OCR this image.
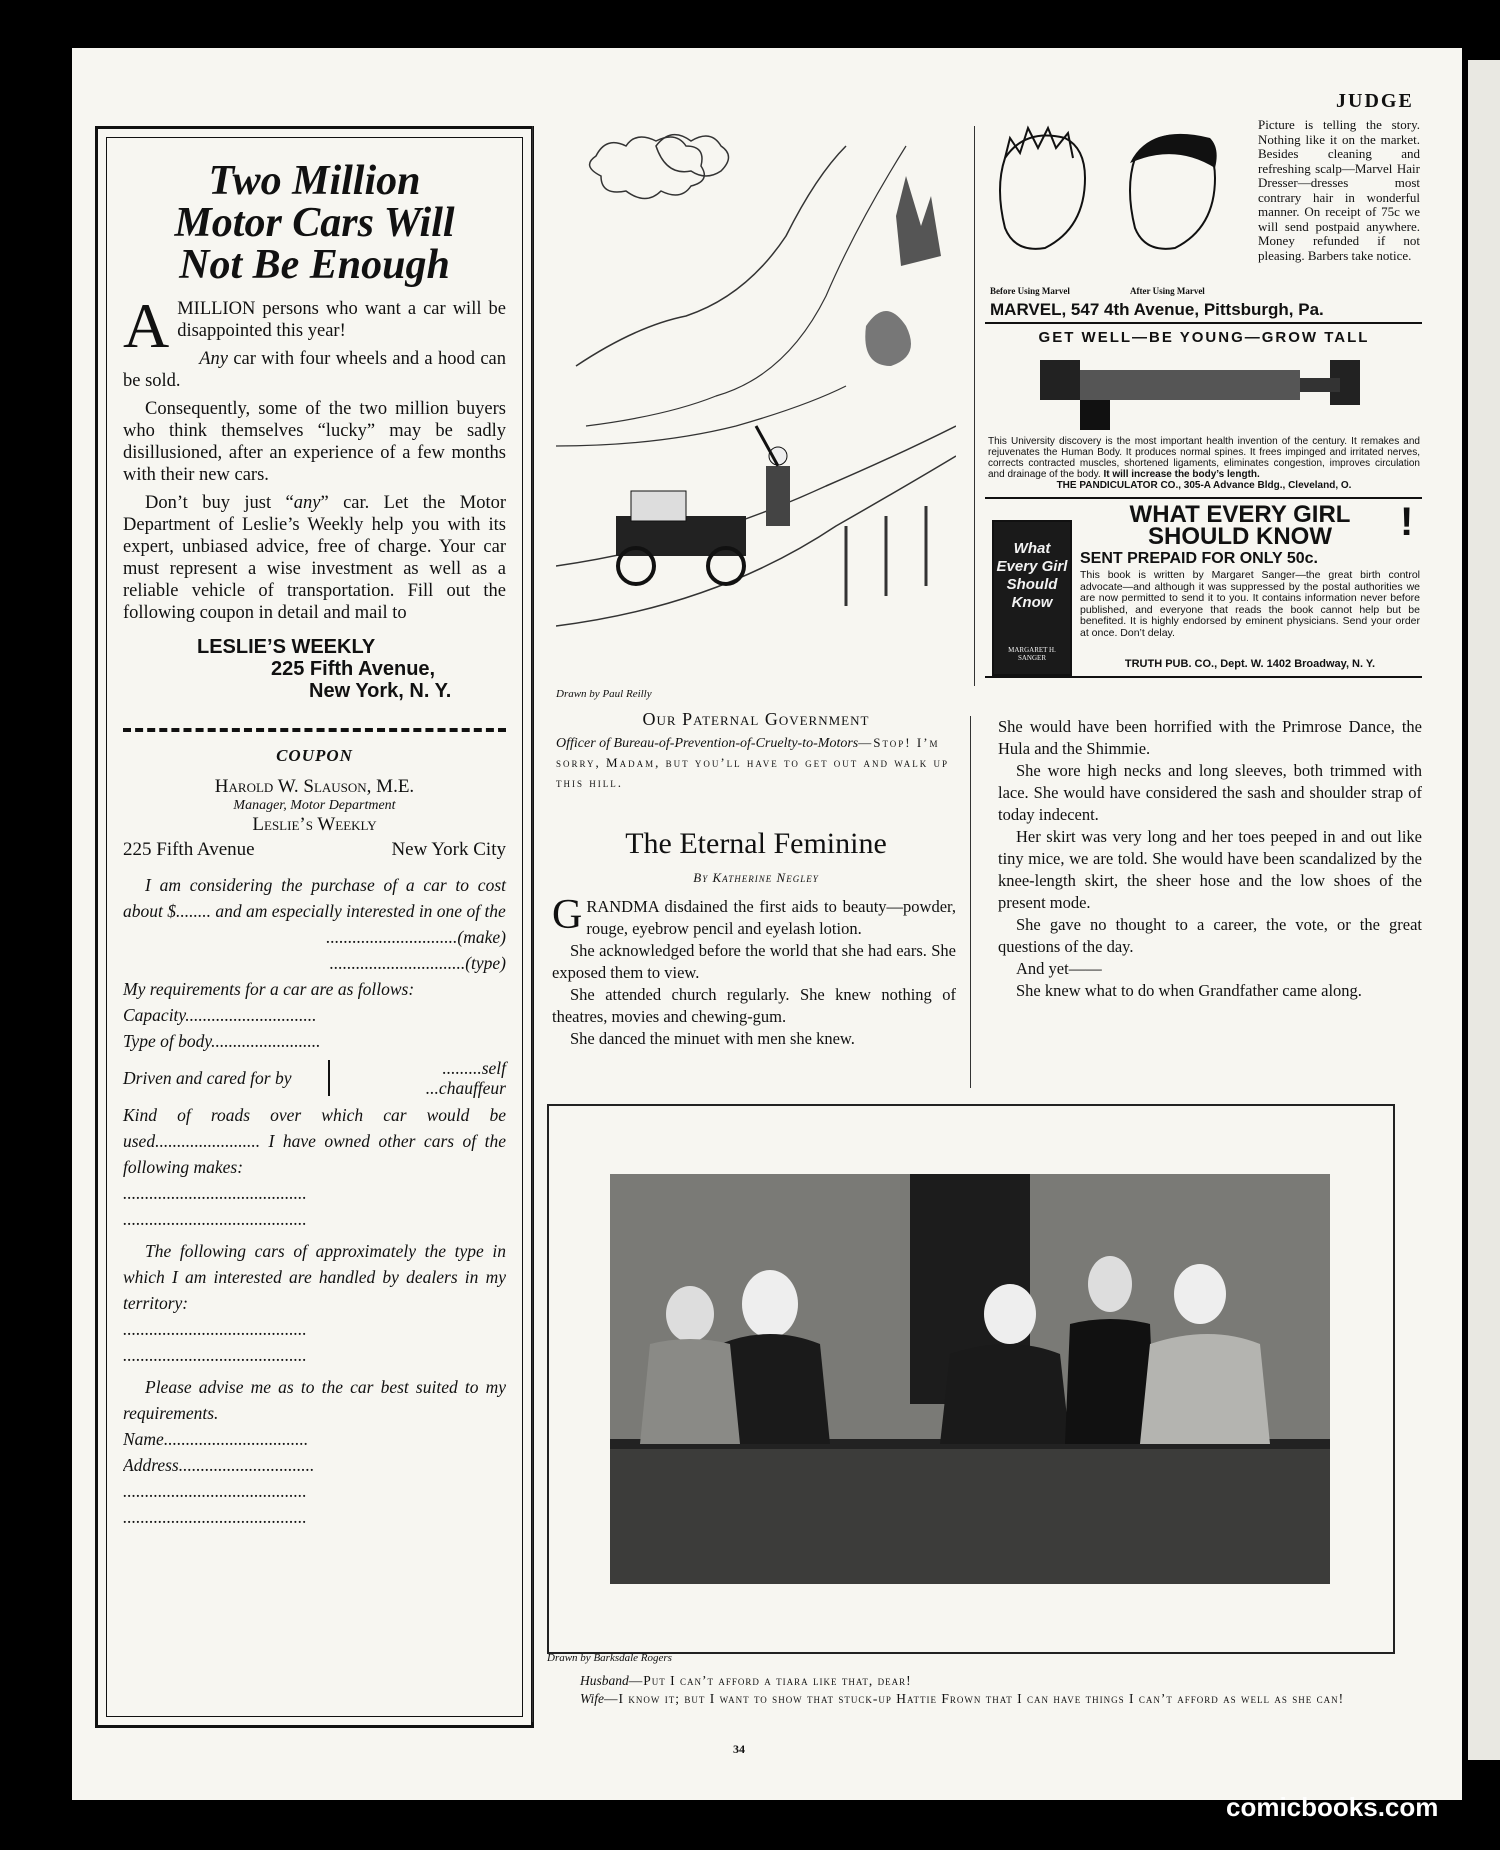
JUDGE
Two Million
Motor Cars Will
Not Be Enough

AMILLION persons who want a car will be disappointed this year!

Any car with four wheels and a hood can be sold.

Consequently, some of the two million buyers who think themselves “lucky” may be sadly disillusioned, after an experience of a few months with their new cars.

Don’t buy just “any” car. Let the Motor Department of Leslie’s Weekly help you with its expert, unbiased advice, free of charge. Your car must represent a wise investment as well as a reliable vehicle of transportation. Fill out the following coupon in detail and mail to

LESLIE’S WEEKLY
225 Fifth Avenue,
New York, N. Y.
COUPON
Harold W. Slauson, M.E.
Manager, Motor Department
Leslie’s Weekly
225 Fifth Avenue	New York City

I am considering the purchase of a car to cost about $........ and am especially interested in one of the

..............................(make)
...............................(type)

My requirements for a car are as follows:

Capacity..............................
Type of body.........................
Driven and cared for by	.........self
...chauffeur

Kind of roads over which car would be used........................ I have owned other cars of the following makes:

..........................................
..........................................

The following cars of approximately the type in which I am interested are handled by dealers in my territory:

..........................................
..........................................

Please advise me as to the car best suited to my requirements.

Name.................................
Address...............................
..........................................
..........................................
Drawn by Paul Reilly
Our Paternal Government
Officer of Bureau-of-Prevention-of-Cruelty-to-Motors—Stop! I’m sorry, Madam, but you’ll have to get out and walk up this hill.
The Eternal Feminine
By Katherine Negley

GRANDMA disdained the first aids to beauty—powder, rouge, eyebrow pencil and eyelash lotion.

She acknowledged before the world that she had ears. She exposed them to view.

She attended church regularly. She knew nothing of theatres, movies and chewing-gum.

She danced the minuet with men she knew.

She would have been horrified with the Primrose Dance, the Hula and the Shimmie.

She wore high necks and long sleeves, both trimmed with lace. She would have considered the sash and shoulder strap of today indecent.

Her skirt was very long and her toes peeped in and out like tiny mice, we are told. She would have been scandalized by the knee-length skirt, the sheer hose and the low shoes of the present mode.

She gave no thought to a career, the vote, or the great questions of the day.

And yet——

She knew what to do when Grandfather came along.

Before Using Marvel	After Using Marvel
Picture is telling the story. Nothing like it on the market. Besides cleaning and refreshing scalp—Marvel Hair Dresser—dresses most contrary hair in wonderful manner. On receipt of 75c we will send postpaid anywhere. Money refunded if not pleasing. Barbers take notice.
MARVEL, 547 4th Avenue, Pittsburgh, Pa.
GET WELL—BE YOUNG—GROW TALL
This University discovery is the most important health invention of the century. It remakes and rejuvenates the Human Body. It produces normal spines. It frees impinged and irritated nerves, corrects contracted muscles, shortened ligaments, eliminates congestion, improves circulation and drainage of the body. It will increase the body’s length.
THE PANDICULATOR CO., 305-A Advance Bldg., Cleveland, O.
What
Every Girl
Should
Know
MARGARET H. SANGER
WHAT EVERY GIRL
SHOULD KNOW	!
SENT PREPAID FOR ONLY 50c.
This book is written by Margaret Sanger—the great birth control advocate—and although it was suppressed by the postal authorities we are now permitted to send it to you. It contains information never before published, and everyone that reads the book cannot help but be benefited. It is highly endorsed by eminent physicians. Send your order at once. Don’t delay.
TRUTH PUB. CO., Dept. W. 1402 Broadway, N. Y.
Drawn by Barksdale Rogers
Husband—Put I can’t afford a tiara like that, dear!
Wife—I know it; but I want to show that stuck-up Hattie Frown that I can have things I can’t afford as well as she can!
34
comicbooks.com
